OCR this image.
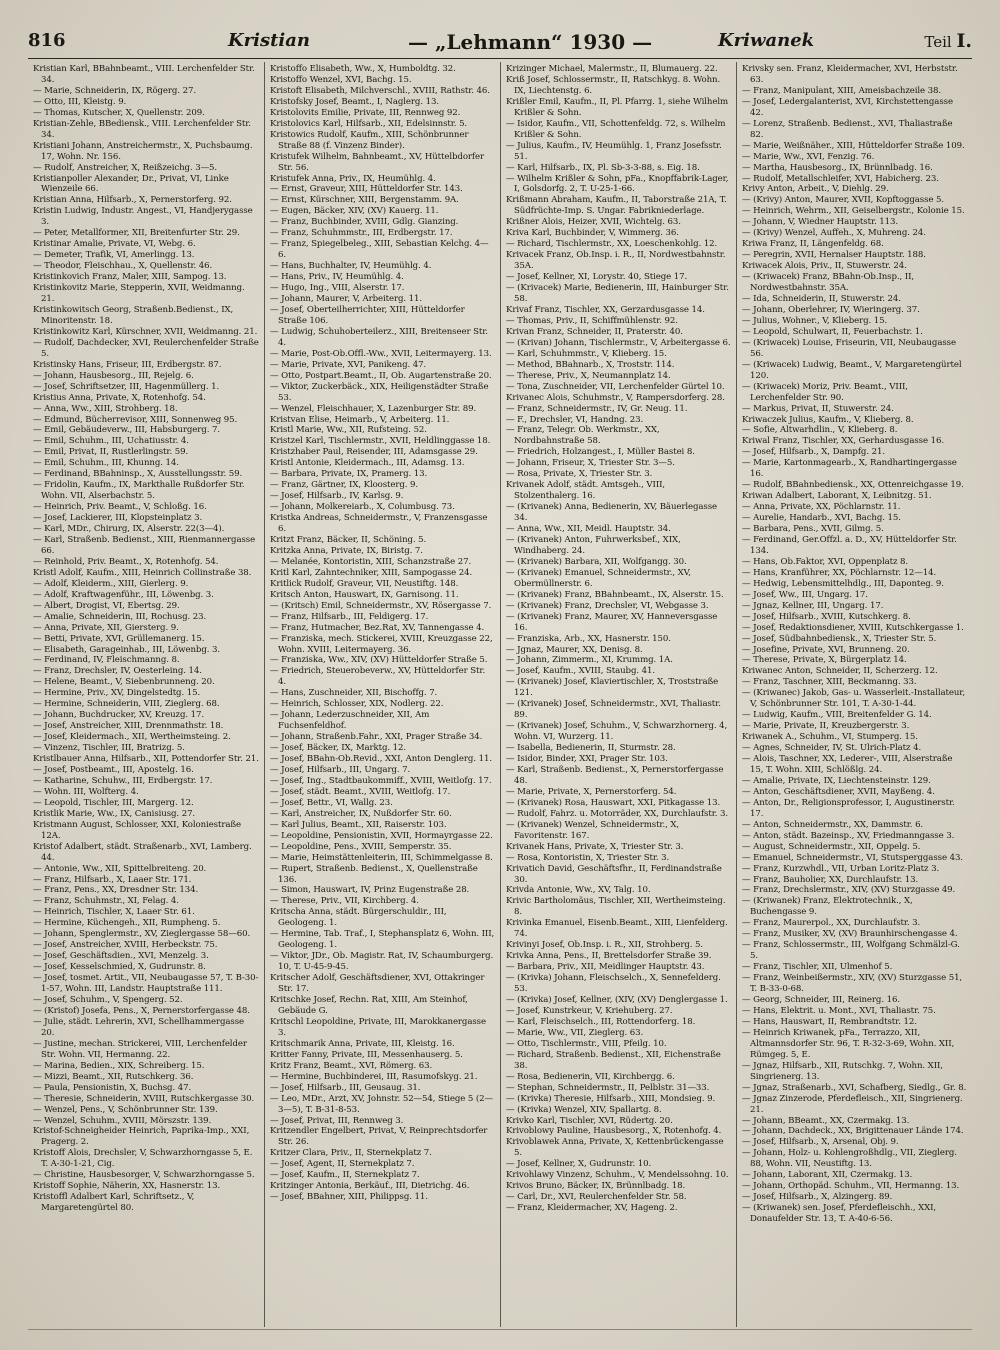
816	Kristian	— „Lehmann“ 1930 —	Kriwanek	Teil I.
Kristian Karl, BBahnbeamt., VIII. Lerchenfelder Str. 34.
— Marie, Schneiderin, IX, Rögerg. 27.
— Otto, III, Kleistg. 9.
— Thomas, Kutscher, X, Quellenstr. 209.
Kristian-Zehle, BBediensk., VIII. Lerchenfelder Str. 34.
Kristiani Johann, Anstreichermstr., X, Puchsbaumg. 17, Wohn. Nr. 156.
— Rudolf, Anstreicher, X, Reißzeichg. 3—5.
Kristianpoller Alexander, Dr., Privat, VI, Linke Wienzeile 66.
Kristian Anna, Hilfsarb., X, Pernerstorferg. 92.
Kristin Ludwig, Industr. Angest., VI, Handjerygasse 3.
— Peter, Metallformer, XII, Breitenfurter Str. 29.
Kristinar Amalie, Private, VI, Webg. 6.
— Demeter, Trafik, VI, Amerlingg. 13.
— Theodor, Fleischhau., X, Quellenstr. 46.
Kristinkovich Franz, Maler, XIII, Sampog. 13.
Kristinkovitz Marie, Stepperin, XVII, Weidmanng. 21.
Kristinkowitsch Georg, Straßenb.Bedienst., IX, Minoritenstr. 18.
Kristinkowitz Karl, Kürschner, XVII, Weidmanng. 21.
— Rudolf, Dachdecker, XVI, Reulerchenfelder Straße 5.
Kristinsky Hans, Friseur, III, Erdbergstr. 87.
— Johann, Hausbesorg., III, Rejelg. 6.
— Josef, Schriftsetzer, III, Hagenmüllerg. 1.
Kristius Anna, Private, X, Rotenhofg. 54.
— Anna, Ww., XIII, Strohberg. 18.
— Edmund, Bücherrevisor, XIII, Sonnenweg 95.
— Emil, Gebäudeverw., III, Habsburgerg. 7.
— Emil, Schuhm., III, Uchatiusstr. 4.
— Emil, Privat, II, Rustlerlingstr. 59.
— Emil, Schuhm., III, Khunng. 14.
— Ferdinand, BBahninsp., X, Ausstellungsstr. 59.
— Fridolin, Kaufm., IX, Markthalle Rußdorfer Str. Wohn. VII, Alserbachstr. 5.
— Heinrich, Priv. Beamt., V, Schloßg. 16.
— Josef, Lackierer, III, Klopsteinplatz 3.
— Karl, MDr., Chirurg, IX, Alserstr. 22(3—4).
— Karl, Straßenb. Bedienst., XIII, Rienmannergasse 66.
— Reinhold, Priv. Beamt., X, Rotenhofg. 54.
Kristl Adolf, Kaufm., XIII, Heinrich Collinstraße 38.
— Adolf, Kleiderm., XIII, Gierlerg. 9.
— Adolf, Kraftwagenführ., III, Löwenbg. 3.
— Albert, Drogist, VI, Ebertsg. 29.
— Amalie, Schneiderin, III, Rochusg. 23.
— Anna, Private, XII, Giersterg. 9.
— Betti, Private, XVI, Grüllemanerg. 15.
— Elisabeth, Garageinhab., III, Löwenbg. 3.
— Ferdinand, IV, Fleischmanng. 8.
— Franz, Drechsler, IV, Oesterleing. 14.
— Helene, Beamt., V, Siebenbrunneng. 20.
— Hermine, Priv., XV, Dingelstedtg. 15.
— Hermine, Schneiderin, VIII, Zieglerg. 68.
— Johann, Buchdrucker, XV, Kreuzg. 17.
— Josef, Anstreicher, XIII, Drennmathstr. 18.
— Josef, Kleidermach., XII, Wertheimsteing. 2.
— Vinzenz, Tischler, III, Bratrizg. 5.
Kristlbauer Anna, Hilfsarb., XII, Pottendorfer Str. 21.
— Josef, Postbeamt., III, Apostelg. 16.
— Katharine, Schuhw., III, Erdbergstr. 17.
— Wohn. III, Wolfterg. 4.
— Leopold, Tischler, III, Margerg. 12.
Kristlik Marie, Ww., IX, Canisiusg. 27.
Kristmann August, Schlosser, XXI, Koloniestraße 12A.
Kristof Adalbert, städt. Straßenarb., XVI, Lamberg. 44.
— Antonie, Ww., XII, Spittelbreiteng. 20.
— Franz, Hilfsarb., X, Laaer Str. 171.
— Franz, Pens., XX, Dresdner Str. 134.
— Franz, Schuhmstr., XI, Felag. 4.
— Heinrich, Tischler, X, Laaer Str. 61.
— Hermine, Küchengeh., XII, Rumpheng. 5.
— Johann, Spenglermstr., XV, Zieglergasse 58—60.
— Josef, Anstreicher, XVIII, Herbeckstr. 75.
— Josef, Geschäftsdien., XVI, Menzelg. 3.
— Josef, Kesselschmied, X, Gudrunstr. 8.
— Josef, tosmet. Artit., VII, Neubaugasse 57, T. B-30-1-57, Wohn. III, Landstr. Hauptstraße 111.
— Josef, Schuhm., V, Spengerg. 52.
— (Kristof) Josefa, Pens., X, Pernerstorfergasse 48.
— Julie, städt. Lehrerin, XVI, Schellhammergasse 20.
— Justine, mechan. Strickerei, VIII, Lerchenfelder Str. Wohn. VII, Hermanng. 22.
— Marina, Bedien., XIX, Schreiberg. 15.
— Mizzi, Beamt., XII, Rutschkerg. 36.
— Paula, Pensionistin, X, Buchsg. 47.
— Theresie, Schneiderin, XVIII, Rutschkergasse 30.
— Wenzel, Pens., V, Schönbrunner Str. 139.
— Wenzel, Schuhm., XVIII, Mörszstr. 139.
Kristof-Schneigheider Heinrich, Paprika-Imp., XXI, Pragerg. 2.
Kristoff Alois, Drechsler, V, Schwarzhorngasse 5, E. T. A-30-1-21, Cig.
— Christine, Hausbesorger, V, Schwarzhorngasse 5.
Kristoff Sophie, Näherin, XX, Hasnerstr. 13.
Kristoffl Adalbert Karl, Schriftsetz., V, Margaretengürtel 80.
Kristoffo Elisabeth, Ww., X, Humboldtg. 32.
Kristoffo Wenzel, XVI, Bachg. 15.
Kristoft Elisabeth, Milchverschl., XVIII, Rathstr. 46.
Kristofsky Josef, Beamt., I, Naglerg. 13.
Kristolovits Emilie, Private, III, Rennweg 92.
Kristolovics Karl, Hilfsarb., XII, Edelsinnstr. 5.
Kristowics Rudolf, Kaufm., XIII, Schönbrunner Straße 88 (f. Vinzenz Binder).
Kristufek Wilhelm, Bahnbeamt., XV, Hüttelbdorfer Str. 56.
Kristufek Anna, Priv., IX, Heumühlg. 4.
— Ernst, Graveur, XIII, Hütteldorfer Str. 143.
— Ernst, Kürschner, XIII, Bergenstamm. 9A.
— Eugen, Bäcker, XIV, (XV) Kauerg. 11.
— Franz, Buchbinder, XVIII, Gdlg. Gianzing.
— Franz, Schuhmmstr., III, Erdbergstr. 17.
— Franz, Spiegelbeleg., XIII, Sebastian Kelchg. 4—6.
— Hans, Buchhalter, IV, Heumühlg. 4.
— Hans, Priv., IV, Heumühlg. 4.
— Hugo, Ing., VIII, Alserstr. 17.
— Johann, Maurer, V, Arbeiterg. 11.
— Josef, Oberteilherrichter, XIII, Hütteldorfer Straße 106.
— Ludwig, Schuhoberteilerz., XIII, Breitenseer Str. 4.
— Marie, Post-Ob.Offl.-Ww., XVII, Leitermayerg. 13.
— Marie, Private, XVI, Panikeng. 47.
— Otto, Postpart.Beamt., II, Ob. Augartenstraße 20.
— Viktor, Zuckerbäck., XIX, Heiligenstädter Straße 53.
— Wenzel, Fleischhauer, X, Lazenburger Str. 89.
Kristvan Elise, Heimarb., V, Arbeiterg. 11.
Kristl Marie, Ww., XII, Rufsteing. 52.
Kristzel Karl, Tischlermstr., XVII, Heldlinggasse 18.
Kristzhaber Paul, Reisender, III, Adamsgasse 29.
Kristl Antonie, Kleidermach., III, Adamsg. 13.
— Barbara, Private, IX, Pramerg. 13.
— Franz, Gärtner, IX, Kloosterg. 9.
— Josef, Hilfsarb., IV, Karlsg. 9.
— Johann, Molkereiarb., X, Columbusg. 73.
Kristka Andreas, Schneidermstr., V, Franzensgasse 6.
Kritzt Franz, Bäcker, II, Schöning. 5.
Kritzka Anna, Private, IX, Biristg. 7.
— Melanée, Kontoristin, XIII, Schanzstraße 27.
Kritl Karl, Zahntechniker, XIII, Sampogasse 24.
Kritlick Rudolf, Graveur, VII, Neustiftg. 148.
Kritsch Anton, Hauswart, IX, Garnisong. 11.
— (Kritsch) Emil, Schneidermstr., XV, Rösergasse 7.
— Franz, Hilfsarb., III, Feldigerg. 17.
— Franz, Hutmacher, Bez.Rat, XV, Tannengasse 4.
— Franziska, mech. Stickerei, XVIII, Kreuzgasse 22, Wohn. XVIII, Leitermayerg. 36.
— Franziska, Ww., XIV, (XV) Hütteldorfer Straße 5.
— Friedrich, Steuerobeverw., XV, Hütteldorfer Str. 4.
— Hans, Zuschneider, XII, Bischoffg. 7.
— Heinrich, Schlosser, XIX, Nodlerg. 22.
— Johann, Lederzuschneider, XII, Am Fuchsenfeldhof.
— Johann, Straßenb.Fahr., XXI, Prager Straße 34.
— Josef, Bäcker, IX, Marktg. 12.
— Josef, BBahn-Ob.Revid., XXI, Anton Denglerg. 11.
— Josef, Hilfsarb., III, Ungarg. 7.
— Josef, Ing., Stadtbaukommiff., XVIII, Weitlofg. 17.
— Josef, städt. Beamt., XVIII, Weitlofg. 17.
— Josef, Bettr., VI, Wallg. 23.
— Karl, Anstreicher, IX, Nußdorfer Str. 60.
— Karl Julius, Beamt., XII, Raiserstr. 103.
— Leopoldine, Pensionistin, XVII, Hormayrgasse 22.
— Leopoldine, Pens., XVIII, Semperstr. 35.
— Marie, Heimstättenleiterin, III, Schimmelgasse 8.
— Rupert, Straßenb. Bedienst., X, Quellenstraße 136.
— Simon, Hauswart, IV, Prinz Eugenstraße 28.
— Therese, Priv., VII, Kirchberg. 4.
Kritscha Anna, städt. Bürgerschuldir., III, Geologeng. 1.
— Hermine, Tab. Traf., I, Stephansplatz 6, Wohn. III, Geologeng. 1.
— Viktor, JDr., Ob. Magistr. Rat, IV, Schaumburgerg. 10, T. U-45-9-45.
Kritscher Adolf, Geschäftsdiener, XVI, Ottakringer Str. 17.
Kritschke Josef, Rechn. Rat, XIII, Am Steinhof, Gebäude G.
Kritschl Leopoldine, Private, III, Marokkanergasse 3.
Kritschmarik Anna, Private, III, Kleistg. 16.
Kritter Fanny, Private, III, Messenhauserg. 5.
Kritz Franz, Beamt., XVI, Römerg. 63.
— Hermine, Buchbinderei, III, Rasumofskyg. 21.
— Josef, Hilfsarb., III, Geusaug. 31.
— Leo, MDr., Arzt, XV, Johnstr. 52—54, Stiege 5 (2—3—5), T. B-31-8-53.
— Josef, Privat, III, Rennweg 3.
Kritzendler Engelbert, Privat, V, Reinprechtsdorfer Str. 26.
Kritzer Clara, Priv., II, Sternekplatz 7.
— Josef, Agent, II, Sternekplatz 7.
— Josef, Kaufm., II, Sternekplatz 7.
Kritzinger Antonia, Berkäuf., III, Dietrichg. 46.
— Josef, BBahner, XIII, Philippsg. 11.
Krizinger Michael, Malermstr., II, Blumauerg. 22.
Kriß Josef, Schlossermstr., II, Ratschkyg. 8. Wohn. IX, Liechtenstg. 6.
Krißler Emil, Kaufm., II, Pl. Pfarrg. 1, siehe Wilhelm Krißler & Sohn.
— Isidor, Kaufm., VII, Schottenfeldg. 72, s. Wilhelm Krißler & Sohn.
— Julius, Kaufm., IV, Heumühlg. 1, Franz Josefsstr. 51.
— Karl, Hilfsarb., IX, Pl. Sb-3-3-88, s. Eig. 18.
— Wilhelm Krißler & Sohn, pFa., Knopffabrik-Lager, I, Golsdorfg. 2, T. U-25-1-66.
Krißmann Abraham, Kaufm., II, Taborstraße 21A, T. Südfrüchte-Imp. S. Ungar. Fabrikniederlage.
Krißner Alois, Heizer, XVII, Wichtelg. 63.
Kriva Karl, Buchbinder, V, Wimmerg. 36.
— Richard, Tischlermstr., XX, Loeschenkohlg. 12.
Krivacek Franz, Ob.Insp. i. R., II, Nordwestbahnstr. 35A.
— Josef, Kellner, XI, Lorystr. 40, Stiege 17.
— (Krivacek) Marie, Bedienerin, III, Hainburger Str. 58.
Krivaf Franz, Tischler, XX, Gerzardusgasse 14.
— Thomas, Priv., II, Schiffmühlenstr. 92.
Krivan Franz, Schneider, II, Praterstr. 40.
— (Krivan) Johann, Tischlermstr., V, Arbeitergasse 6.
— Karl, Schuhmmstr., V, Klieberg. 15.
— Method, BBahnarb., X, Troststr. 114.
— Therese, Priv., X, Neumannplatz 14.
— Tona, Zuschneider, VII, Lerchenfelder Gürtel 10.
Krivanec Alois, Schuhmstr., V, Rampersdorferg. 28.
— Franz, Schneidermstr., IV, Gr. Neug. 11.
— F., Drechsler, VI, Handng. 23.
— Franz, Telegr. Ob. Werkmstr., XX, Nordbahnstraße 58.
— Friedrich, Holzangest., I, Müller Bastei 8.
— Johann, Friseur, X, Triester Str. 3—5.
— Rosa, Private, X, Triester Str. 3.
Krivanek Adolf, städt. Amtsgeh., VIII, Stolzenthalerg. 16.
— (Krivanek) Anna, Bedienerin, XV, Bäuerlegasse 34.
— Anna, Ww., XII, Meidl. Hauptstr. 34.
— (Krivanek) Anton, Fuhrwerksbef., XIX, Windhaberg. 24.
— (Krivanek) Barbara, XII, Wolfgangg. 30.
— (Krivanek) Emanuel, Schneidermstr., XV, Obermüllnerstr. 6.
— (Krivanek) Franz, BBahnbeamt., IX, Alserstr. 15.
— (Krivanek) Franz, Drechsler, VI, Webgasse 3.
— (Krivanek) Franz, Maurer, XV, Hanneversgasse 16.
— Franziska, Arb., XX, Hasnerstr. 150.
— Jgnaz, Maurer, XX, Denisg. 8.
— Johann, Zimmerm., XI, Krummg. 1A.
— Josef, Kaufm., XVIII, Staubg. 41.
— (Krivanek) Josef, Klaviertischler, X, Troststraße 121.
— (Krivanek) Josef, Schneidermstr., XVI, Thaliastr. 89.
— (Krivanek) Josef, Schuhm., V, Schwarzhornerg. 4, Wohn. VI, Wurzerg. 11.
— Isabella, Bedienerin, II, Sturmstr. 28.
— Isidor, Binder, XXI, Prager Str. 103.
— Karl, Straßenb. Bedienst., X, Pernerstorfergasse 48.
— Marie, Private, X, Pernerstorferg. 54.
— (Krivanek) Rosa, Hauswart, XXI, Pitkagasse 13.
— Rudolf, Fahrz. u. Motorräder, XX, Durchlaufstr. 3.
— (Krivanek) Wenzel, Schneidermstr., X, Favoritenstr. 167.
Krivanek Hans, Private, X, Triester Str. 3.
— Rosa, Kontoristin, X, Triester Str. 3.
Krivatich David, Geschäftsfhr., II, Ferdinandstraße 30.
Krivda Antonie, Ww., XV, Talg. 10.
Krivic Bartholomäus, Tischler, XII, Wertheimsteing. 8.
Krivinka Emanuel, Eisenb.Beamt., XIII, Lienfelderg. 74.
Krivinyi Josef, Ob.Insp. i. R., XII, Strohberg. 5.
Krivka Anna, Pens., II, Brettelsdorfer Straße 39.
— Barbara, Priv., XII, Meidlinger Hauptstr. 43.
— (Krivka) Johann, Fleischselch., X, Sennefelderg. 53.
— (Krivka) Josef, Kellner, (XIV, (XV) Denglergasse 1.
— Josef, Kunstrkeur, V, Kriehuberg. 27.
— Karl, Fleischselch., III, Rottendorferg. 18.
— Marie, Ww., VII, Zieglerg. 63.
— Otto, Tischlermstr., VIII, Pfeilg. 10.
— Richard, Straßenb. Bedienst., XII, Eichenstraße 38.
— Rosa, Bedienerin, VII, Kirchbergg. 6.
— Stephan, Schneidermstr., II, Pelblstr. 31—33.
— (Krivka) Theresie, Hilfsarb., XIII, Mondsieg. 9.
— (Krivka) Wenzel, XIV, Spallartg. 8.
Krivko Karl, Tischler, XVI, Rüdertg. 20.
Krivoblowy Pauline, Hausbesorg., X, Rotenhofg. 4.
Krivoblawek Anna, Private, X, Kettenbrückengasse 5.
— Josef, Kellner, X, Gudrunstr. 10.
Krivohlawy Vinzenz, Schuhm., V, Mendelssohng. 10.
Krivos Bruno, Bäcker, IX, Brünnlbadg. 18.
— Carl, Dr., XVI, Reulerchenfelder Str. 58.
— Franz, Kleidermacher, XV, Hageng. 2.
Krivsky sen. Franz, Kleidermacher, XVI, Herbststr. 63.
— Franz, Manipulant, XIII, Ameisbachzeile 38.
— Josef, Ledergalanterist, XVI, Kirchstettengasse 42.
— Lorenz, Straßenb. Bedienst., XVI, Thaliastraße 82.
— Marie, Weißnäher., XIII, Hütteldorfer Straße 109.
— Marie, Ww., XVI, Fenzig. 76.
— Martha, Hausbesorg., IX, Brünnlbadg. 16.
— Rudolf, Metallschleifer, XVI, Habicherg. 23.
Krivy Anton, Arbeit., V, Diehlg. 29.
— (Krivy) Anton, Maurer, XVII, Kopftoggasse 5.
— Heinrich, Wehrm., XII, Geiselbergstr., Kolonie 15.
— Johann, V, Wiedner Hauptstr. 113.
— (Krivy) Wenzel, Auffeh., X, Muhreng. 24.
Kriwa Franz, II, Längenfeldg. 68.
— Peregrin, XVII, Hernalser Hauptstr. 188.
Kriwacek Alois, Priv., II, Stuwerstr. 24.
— (Kriwacek) Franz, BBahn-Ob.Insp., II, Nordwestbahnstr. 35A.
— Ida, Schneiderin, II, Stuwerstr. 24.
— Johann, Oberlehrer, IV, Wieringerg. 37.
— Julius, Wohner., V, Klieberg. 15.
— Leopold, Schulwart, II, Feuerbachstr. 1.
— (Kriwacek) Louise, Friseurin, VII, Neubaugasse 56.
— (Kriwacek) Ludwig, Beamt., V, Margaretengürtel 120.
— (Kriwacek) Moriz, Priv. Beamt., VIII, Lerchenfelder Str. 90.
— Markus, Privat, II, Stuwerstr. 24.
Kriwaczek Julius, Kaufm., V, Klieberg. 8.
— Sofie, Altwarhdlin., V, Klieberg. 8.
Kriwal Franz, Tischler, XX, Gerhardusgasse 16.
— Josef, Hilfsarb., X, Dampfg. 21.
— Marie, Kartonmagearb., X, Randhartingergasse 16.
— Rudolf, BBahnbediensk., XX, Ottenreichgasse 19.
Kriwan Adalbert, Laborant, X, Leibnitzg. 51.
— Anna, Private, XX, Pöchlarnstr. 11.
— Aurelie, Handarb., XVI, Bachg. 15.
— Barbara, Pens., XVII, Gilmg. 5.
— Ferdinand, Ger.Offzl. a. D., XV, Hütteldorfer Str. 134.
— Hans, Ob.Faktor, XVI, Oppenplatz 8.
— Hans, Kranführer, XX, Pöchlarnstr. 12—14.
— Hedwig, Lebensmittelhdlg., III, Daponteg. 9.
— Josef, Ww., III, Ungarg. 17.
— Jgnaz, Kellner, III, Ungarg. 17.
— Josef, Hilfsarb., XVIII, Kutschkerg. 8.
— Josef, Redaktionsdiener, XVIII, Kutschkergasse 1.
— Josef, Südbahnbediensk., X, Triester Str. 5.
— Josefine, Private, XVI, Brunneng. 20.
— Therese, Private, X, Bürgerplatz 14.
Kriwanec Anton, Schneider, II, Scherzerg. 12.
— Franz, Taschner, XIII, Beckmanng. 33.
— (Kriwanec) Jakob, Gas- u. Wasserleit.-Installateur, V, Schönbrunner Str. 101, T. A-30-1-44.
— Ludwig, Kaufm., VIII, Breitenfelder G. 14.
— Marie, Private, II, Kreuzbergerstr. 3.
Kriwanek A., Schuhm., VI, Stumperg. 15.
— Agnes, Schneider, IV, St. Ulrich-Platz 4.
— Alois, Taschner, XX, Lederer-, VIII, Alserstraße 15, T. Wohn. XIII, Schlößlg. 24.
— Amalie, Private, IX, Liechtensteinstr. 129.
— Anton, Geschäftsdiener, XVII, Mayßeng. 4.
— Anton, Dr., Religionsprofessor, I, Augustinerstr. 17.
— Anton, Schneidermstr., XX, Dammstr. 6.
— Anton, städt. Bazeinsp., XV, Friedmanngasse 3.
— August, Schneidermstr., XII, Oppelg. 5.
— Emanuel, Schneidermstr., VI, Stutsperggasse 43.
— Franz, Kurzwhdl., VII, Urban Loritz-Platz 3.
— Franz, Bauholier, XX, Durchlaufstr. 13.
— Franz, Drechslermstr., XIV, (XV) Sturzgasse 49.
— (Kriwanek) Franz, Elektrotechnik., X, Buchengasse 9.
— Franz, Maurerpol., XX, Durchlaufstr. 3.
— Franz, Musiker, XV, (XV) Braunhirschengasse 4.
— Franz, Schlossermstr., III, Wolfgang Schmälzl-G. 5.
— Franz, Tischler, XII, Ulmenhof 5.
— Franz, Weinbeißermstr., XIV, (XV) Sturzgasse 51, T. B-33-0-68.
— Georg, Schneider, III, Reinerg. 16.
— Hans, Elektrit. u. Mont., XVI, Thaliastr. 75.
— Hans, Hauswart, II, Rembrandtstr. 12.
— Heinrich Kriwanek, pFa., Terrazzo, XII, Altmannsdorfer Str. 96, T. R-32-3-69, Wohn. XII, Rümgeg. 5, E.
— Jgnaz, Hilfsarb., XII, Rutschkg. 7, Wohn. XII, Singrienerg. 13.
— Jgnaz, Straßenarb., XVI, Schafberg, Siedlg., Gr. 8.
— Jgnaz Zinzerode, Pferdefleisch., XII, Singrienerg. 21.
— Johann, BBeamt., XX, Czermakg. 13.
— Johann, Dachdeck., XX, Brigittenauer Lände 174.
— Josef, Hilfsarb., X, Arsenal, Obj. 9.
— Johann, Holz- u. Kohlengroßhdlg., VII, Zieglerg. 88, Wohn. VII, Neustiftg. 13.
— Johann, Laborant, XII, Czermakg. 13.
— Johann, Orthopäd. Schuhm., VII, Hermanng. 13.
— Josef, Hilfsarb., X, Alzingerg. 89.
— (Kriwanek) sen. Josef, Pferdefleischh., XXI, Donaufelder Str. 13, T. A-40-6-56.
